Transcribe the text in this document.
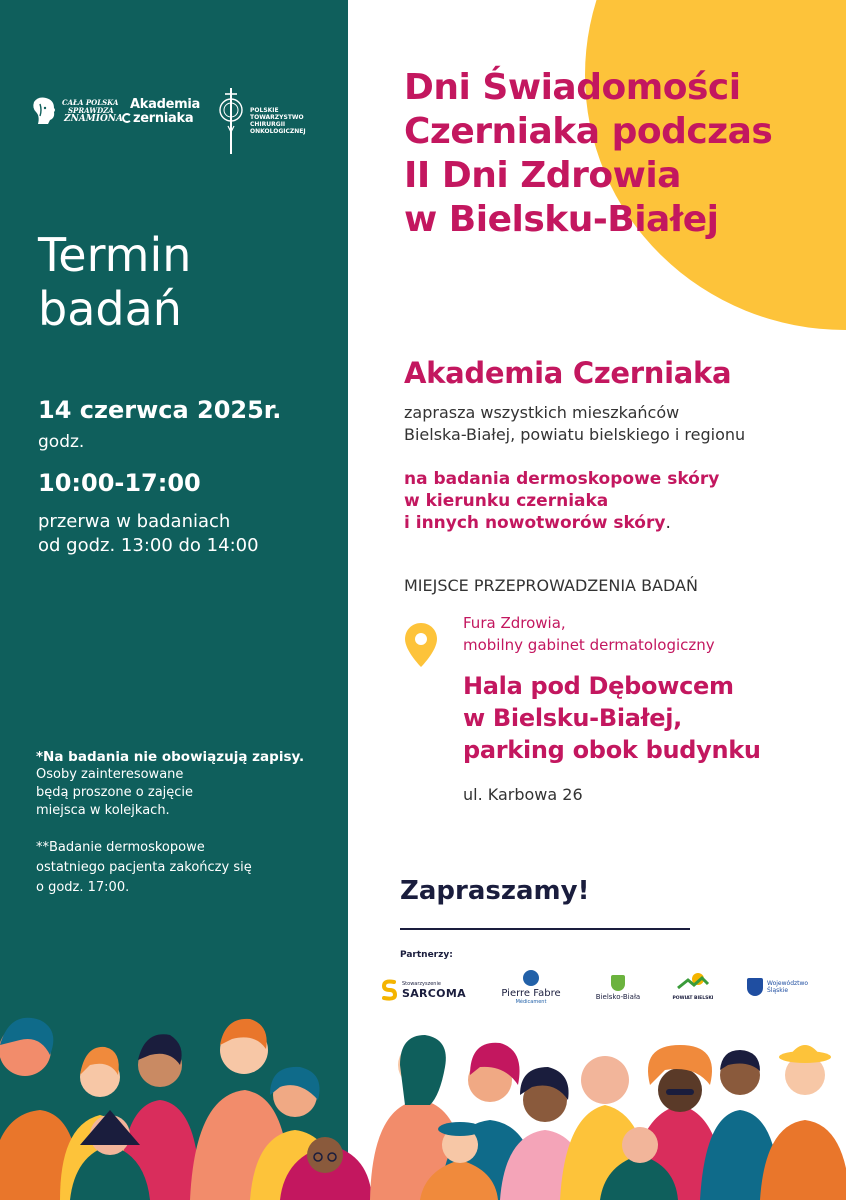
CAŁA POLSKA
SPRAWDZA
ZNAMIONA
Akademia
zerniaka
POLSKIE
TOWARZYSTWO
CHIRURGII
ONKOLOGICZNEJ
Termin
badań
14 czerwca 2025r.
godz.
10:00-17:00
przerwa w badaniach
od godz. 13:00 do 14:00
*Na badania nie obowiązują zapisy.
Osoby zainteresowane
będą proszone o zajęcie
miejsca w kolejkach.
**Badanie dermoskopowe
ostatniego pacjenta zakończy się
o godz. 17:00.
Dni Świadomości
Czerniaka podczas
II Dni Zdrowia
w Bielsku-Białej
Akademia Czerniaka
zaprasza wszystkich mieszkańców
Bielska-Białej, powiatu bielskiego i regionu
na badania dermoskopowe skóry
w kierunku czerniaka
i innych nowotworów skóry.
MIEJSCE PRZEPROWADZENIA BADAŃ
Fura Zdrowia,
mobilny gabinet dermatologiczny
Hala pod Dębowcem
w Bielsku-Białej,
parking obok budynku
ul. Karbowa 26
Zapraszamy!
Partnerzy:
Stowarzyszenie
SARCOMA	Pierre Fabre
Médicament
Bielsko-Biała	POWIAT BIELSKI
Województwo
Śląskie
